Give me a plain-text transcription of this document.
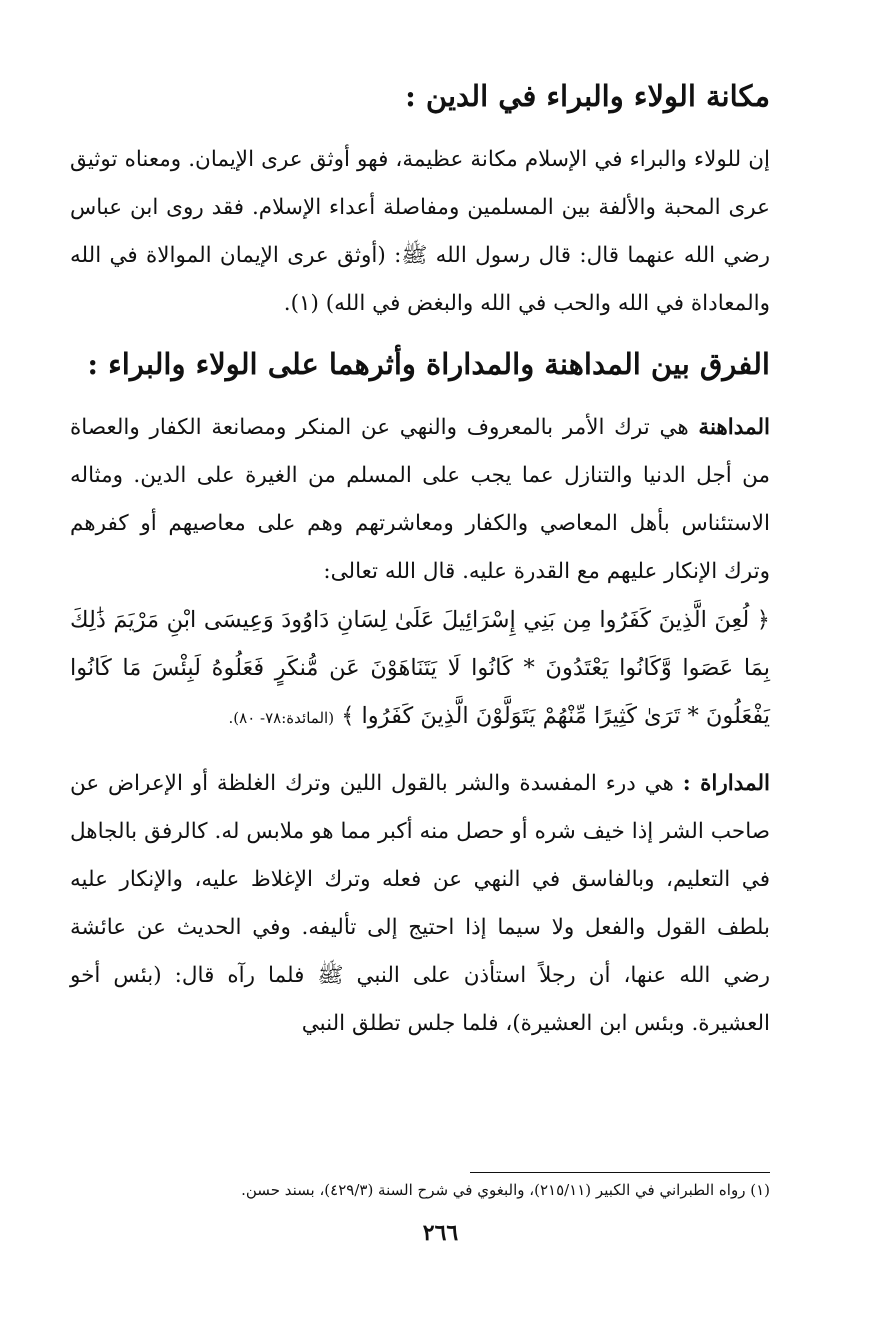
مكانة الولاء والبراء في الدين :

إن للولاء والبراء في الإسلام مكانة عظيمة، فهو أوثق عرى الإيمان. ومعناه توثيق عرى المحبة والألفة بين المسلمين ومفاصلة أعداء الإسلام. فقد روى ابن عباس رضي الله عنهما قال: قال رسول الله ﷺ: (أوثق عرى الإيمان الموالاة في الله والمعاداة في الله والحب في الله والبغض في الله) (١).

الفرق بين المداهنة والمداراة وأثرهما على الولاء والبراء :

المداهنة هي ترك الأمر بالمعروف والنهي عن المنكر ومصانعة الكفار والعصاة من أجل الدنيا والتنازل عما يجب على المسلم من الغيرة على الدين. ومثاله الاستئناس بأهل المعاصي والكفار ومعاشرتهم وهم على معاصيهم أو كفرهم وترك الإنكار عليهم مع القدرة عليه. قال الله تعالى:

﴿ لُعِنَ الَّذِينَ كَفَرُوا مِن بَنِي إِسْرَائِيلَ عَلَىٰ لِسَانِ دَاوُودَ وَعِيسَى ابْنِ مَرْيَمَ ذَٰلِكَ بِمَا عَصَوا وَّكَانُوا يَعْتَدُونَ * كَانُوا لَا يَتَنَاهَوْنَ عَن مُّنكَرٍ فَعَلُوهُ لَبِئْسَ مَا كَانُوا يَفْعَلُونَ * تَرَىٰ كَثِيرًا مِّنْهُمْ يَتَوَلَّوْنَ الَّذِينَ كَفَرُوا ﴾ (المائدة:٧٨- ٨٠).

المداراة : هي درء المفسدة والشر بالقول اللين وترك الغلظة أو الإعراض عن صاحب الشر إذا خيف شره أو حصل منه أكبر مما هو ملابس له. كالرفق بالجاهل في التعليم، وبالفاسق في النهي عن فعله وترك الإغلاظ عليه، والإنكار عليه بلطف القول والفعل ولا سيما إذا احتيج إلى تأليفه. وفي الحديث عن عائشة رضي الله عنها، أن رجلاً استأذن على النبي ﷺ فلما رآه قال: (بئس أخو العشيرة. وبئس ابن العشيرة)، فلما جلس تطلق النبي

(١) رواه الطبراني في الكبير (٢١٥/١١)، والبغوي في شرح السنة (٤٢٩/٣)، بسند حسن.
٢٦٦
